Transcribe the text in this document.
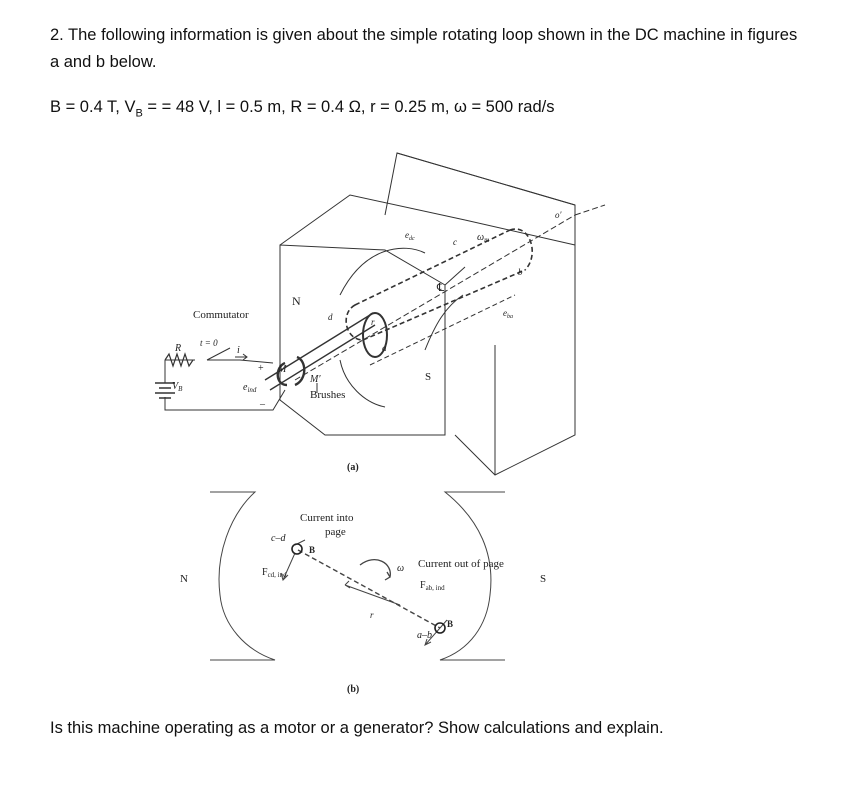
2. The following information is given about the simple rotating loop shown in the DC machine in figures
a and b below.
B = 0.4 T, $V_B$ = = 48 V, l = 0.5 m, R = 0.4 Ω, r = 0.25 m, ω = 500 rad/s
Commutator
Brushes
N
S
t = 0
R
$V_B$
i
+
–
$e_{ind}$
M
M′
d
a
r
c
b
$e_{dc}$
$e_{ba}$
$\omega_m$
o′
℄
(a)
N	S
Current into
page
Current out of page
c–d
a–b
B
B
$F_{cd, ind}$
$F_{ab, ind}$
ω
r
(b)
Is this machine operating as a motor or a generator? Show calculations and explain.
